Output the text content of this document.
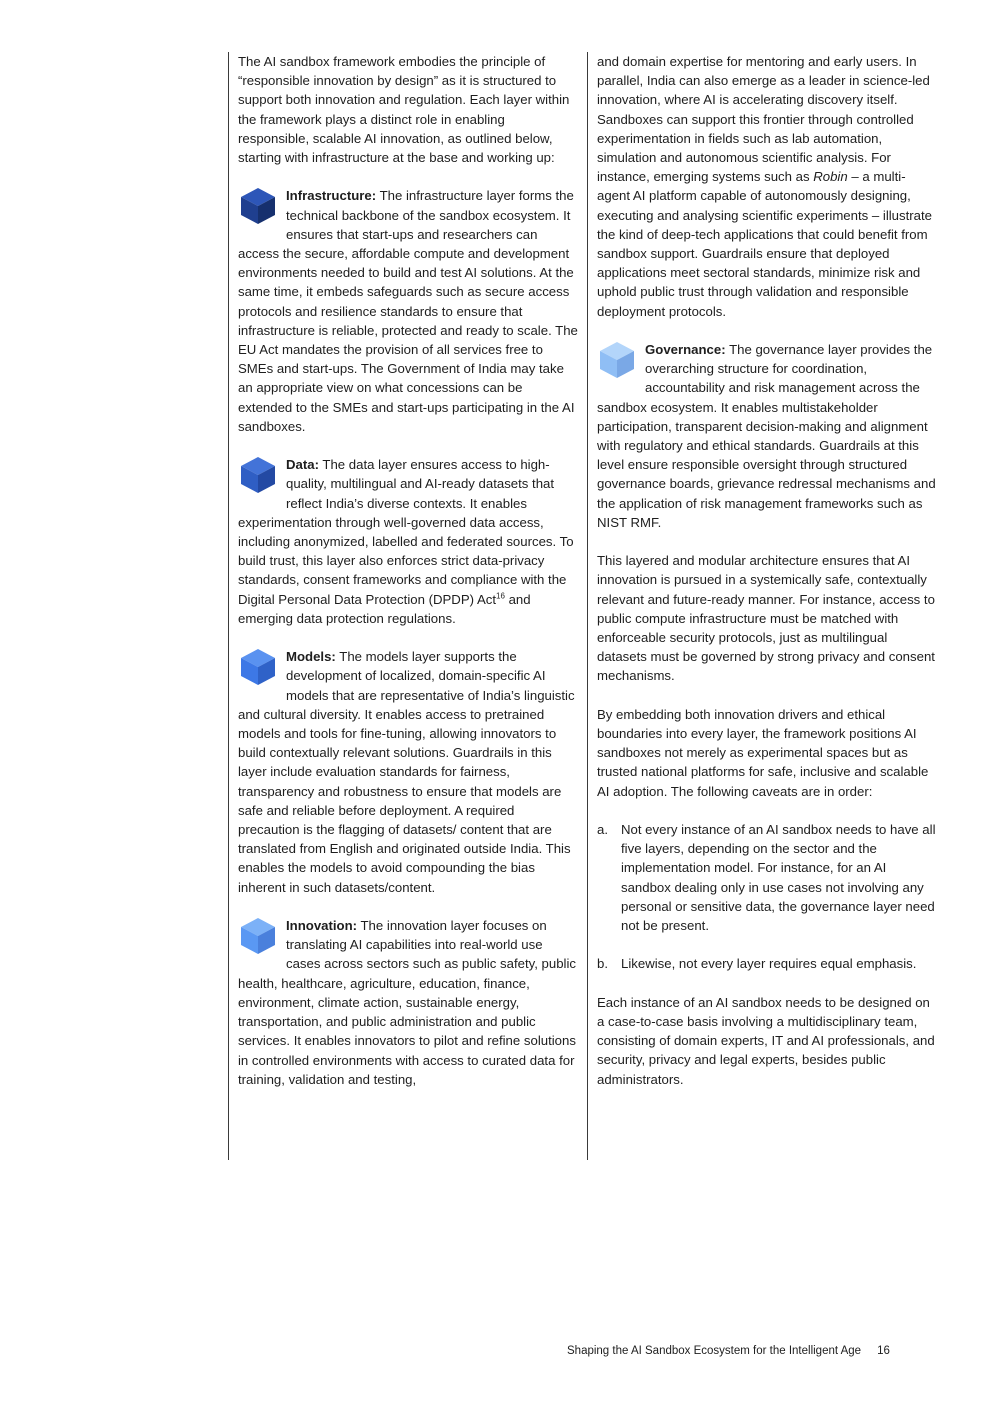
The AI sandbox framework embodies the principle of “responsible innovation by design” as it is structured to support both innovation and regulation. Each layer within the framework plays a distinct role in enabling responsible, scalable AI innovation, as outlined below, starting with infrastructure at the base and working up:

Infrastructure: The infrastructure layer forms the technical backbone of the sandbox ecosystem. It ensures that start-ups and researchers can access the secure, affordable compute and development environments needed to build and test AI solutions. At the same time, it embeds safeguards such as secure access protocols and resilience standards to ensure that infrastructure is reliable, protected and ready to scale. The EU Act mandates the provision of all services free to SMEs and start-ups. The Government of India may take an appropriate view on what concessions can be extended to the SMEs and start-ups participating in the AI sandboxes.

Data: The data layer ensures access to high-quality, multilingual and AI-ready datasets that reflect India’s diverse contexts. It enables experimentation through well-governed data access, including anonymized, labelled and federated sources. To build trust, this layer also enforces strict data-privacy standards, consent frameworks and compliance with the Digital Personal Data Protection (DPDP) Act$^{16}$ and emerging data protection regulations.

Models: The models layer supports the development of localized, domain-specific AI models that are representative of India’s linguistic and cultural diversity. It enables access to pretrained models and tools for fine-tuning, allowing innovators to build contextually relevant solutions. Guardrails in this layer include evaluation standards for fairness, transparency and robustness to ensure that models are safe and reliable before deployment. A required precaution is the flagging of datasets/ content that are translated from English and originated outside India. This enables the models to avoid compounding the bias inherent in such datasets/content.

Innovation: The innovation layer focuses on translating AI capabilities into real-world use cases across sectors such as public safety, public health, healthcare, agriculture, education, finance, environment, climate action, sustainable energy, transportation, and public administration and public services. It enables innovators to pilot and refine solutions in controlled environments with access to curated data for training, validation and testing,

and domain expertise for mentoring and early users. In parallel, India can also emerge as a leader in science-led innovation, where AI is accelerating discovery itself. Sandboxes can support this frontier through controlled experimentation in fields such as lab automation, simulation and autonomous scientific analysis. For instance, emerging systems such as Robin – a multi-agent AI platform capable of autonomously designing, executing and analysing scientific experiments – illustrate the kind of deep-tech applications that could benefit from sandbox support. Guardrails ensure that deployed applications meet sectoral standards, minimize risk and uphold public trust through validation and responsible deployment protocols.

Governance: The governance layer provides the overarching structure for coordination, accountability and risk management across the sandbox ecosystem. It enables multistakeholder participation, transparent decision-making and alignment with regulatory and ethical standards. Guardrails at this level ensure responsible oversight through structured governance boards, grievance redressal mechanisms and the application of risk management frameworks such as NIST RMF.

This layered and modular architecture ensures that AI innovation is pursued in a systemically safe, contextually relevant and future-ready manner. For instance, access to public compute infrastructure must be matched with enforceable security protocols, just as multilingual datasets must be governed by strong privacy and consent mechanisms.

By embedding both innovation drivers and ethical boundaries into every layer, the framework positions AI sandboxes not merely as experimental spaces but as trusted national platforms for safe, inclusive and scalable AI adoption. The following caveats are in order:

a. Not every instance of an AI sandbox needs to have all five layers, depending on the sector and the implementation model. For instance, for an AI sandbox dealing only in use cases not involving any personal or sensitive data, the governance layer need not be present.
b. Likewise, not every layer requires equal emphasis.

Each instance of an AI sandbox needs to be designed on a case-to-case basis involving a multidisciplinary team, consisting of domain experts, IT and AI professionals, and security, privacy and legal experts, besides public administrators.

Shaping the AI Sandbox Ecosystem for the Intelligent Age 16
